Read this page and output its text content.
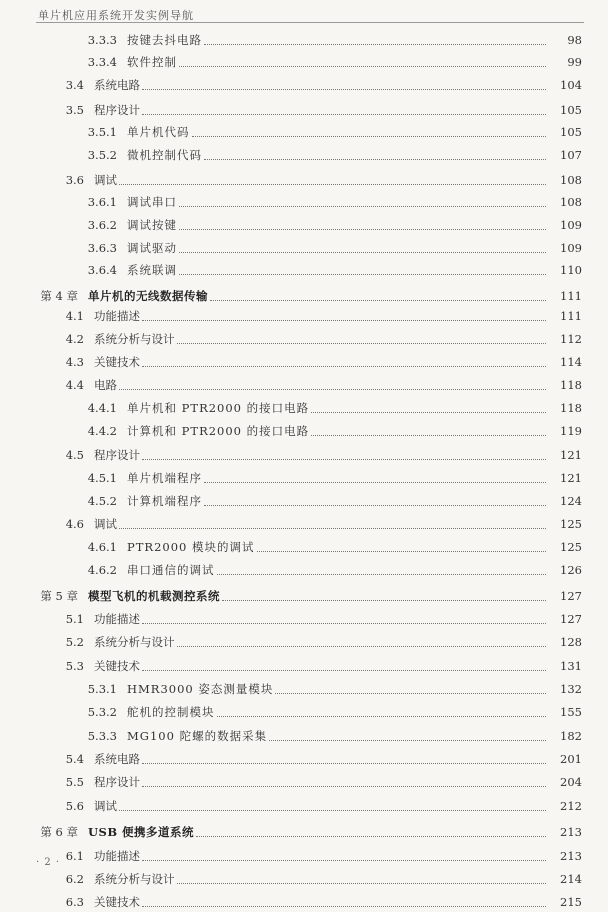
单片机应用系统开发实例导航
3.3.3 按键去抖电路	98
3.3.4 软件控制	99
3.4 系统电路	104
3.5 程序设计	105
3.5.1 单片机代码	105
3.5.2 微机控制代码	107
3.6 调试	108
3.6.1 调试串口	108
3.6.2 调试按键	109
3.6.3 调试驱动	109
3.6.4 系统联调	110
第 4 章 单片机的无线数据传输	111
4.1 功能描述	111
4.2 系统分析与设计	112
4.3 关键技术	114
4.4 电路	118
4.4.1 单片机和 PTR2000 的接口电路	118
4.4.2 计算机和 PTR2000 的接口电路	119
4.5 程序设计	121
4.5.1 单片机端程序	121
4.5.2 计算机端程序	124
4.6 调试	125
4.6.1 PTR2000 模块的调试	125
4.6.2 串口通信的调试	126
第 5 章 模型飞机的机载测控系统	127
5.1 功能描述	127
5.2 系统分析与设计	128
5.3 关键技术	131
5.3.1 HMR3000 姿态测量模块	132
5.3.2 舵机的控制模块	155
5.3.3 MG100 陀螺的数据采集	182
5.4 系统电路	201
5.5 程序设计	204
5.6 调试	212
第 6 章 USB 便携多道系统	213
6.1 功能描述	213
6.2 系统分析与设计	214
6.3 关键技术	215
· 2 ·
